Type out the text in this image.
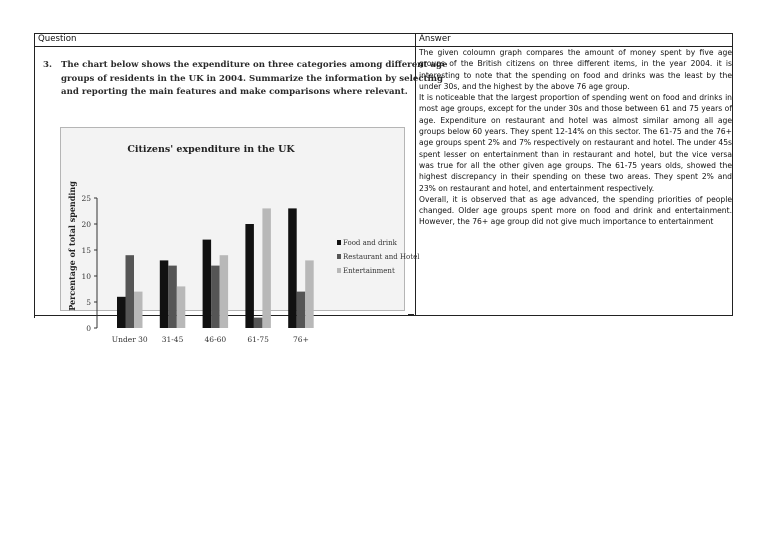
Question
3. The chart below shows the expenditure on three categories among different age
groups of residents in the UK in 2004. Summarize the information by selecting
and reporting the main features and make comparisons where relevant.
Citizens' expenditure in the UK
Percentage of total spending
0
5
10
15
20
25
Under 30 31-45	46-60	61-75	76+
Food and drink
Restaurant and Hotel
Entertainment
Answer

The given coloumn graph compares the amount of money spent by five age groups of the British citizens on three different items, in the year 2004. it is interesting to note that the spending on food and drinks was the least by the under 30s, and the highest by the above 76 age group.

It is noticeable that the largest proportion of spending went on food and drinks in most age groups, except for the under 30s and those between 61 and 75 years of age. Expenditure on restaurant and hotel was almost similar among all age groups below 60 years. They spent 12-14% on this sector. The 61-75 and the 76+ age groups spent 2% and 7% respectively on restaurant and hotel. The under 45s spent lesser on entertainment than in restaurant and hotel, but the vice versa was true for all the other given age groups. The 61-75 years olds, showed the highest discrepancy in their spending on these two areas. They spent 2% and 23% on restaurant and hotel, and entertainment respectively.

Overall, it is observed that as age advanced, the spending priorities of people changed. Older age groups spent more on food and drink and entertainment. However, the 76+ age group did not give much importance to entertainment
